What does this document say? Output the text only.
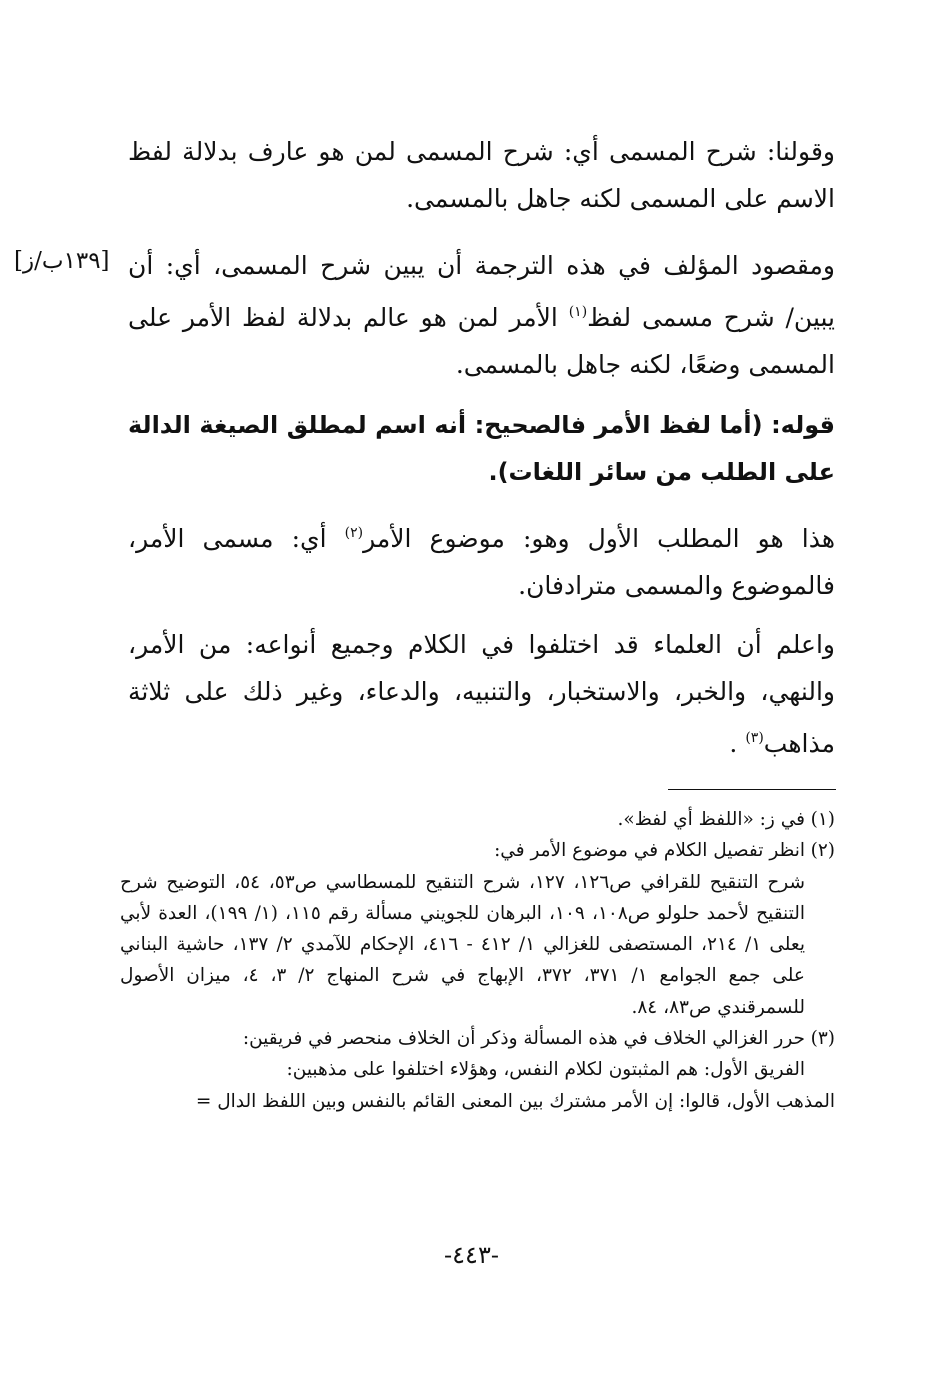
وقولنا: شرح المسمى أي: شرح المسمى لمن هو عارف بدلالة لفظ الاسم على المسمى لكنه جاهل بالمسمى.

ومقصود المؤلف في هذه الترجمة أن يبين شرح المسمى، أي: أن يبين/ شرح مسمى لفظ$^{(١)}$ الأمر لمن هو عالم بدلالة لفظ الأمر على المسمى وضعًا، لكنه جاهل بالمسمى.

[١٣٩ب/ز]

قوله: (أما لفظ الأمر فالصحيح: أنه اسم لمطلق الصيغة الدالة على الطلب من سائر اللغات).

هذا هو المطلب الأول وهو: موضوع الأمر$^{(٢)}$ أي: مسمى الأمر، فالموضوع والمسمى مترادفان.

واعلم أن العلماء قد اختلفوا في الكلام وجميع أنواعه: من الأمر، والنهي، والخبر، والاستخبار، والتنبيه، والدعاء، وغير ذلك على ثلاثة مذاهب$^{(٣)}$ .

(١)
في ز: «اللفظ أي لفظ».

(٢)
انظر تفصيل الكلام في موضوع الأمر في:

شرح التنقيح للقرافي ص١٢٦، ١٢٧، شرح التنقيح للمسطاسي ص٥٣، ٥٤، التوضيح شرح التنقيح لأحمد حلولو ص١٠٨، ١٠٩، البرهان للجويني مسألة رقم ١١٥، (١/ ١٩٩)، العدة لأبي يعلى ١/ ٢١٤، المستصفى للغزالي ١/ ٤١٢ - ٤١٦، الإحكام للآمدي ٢/ ١٣٧، حاشية البناني على جمع الجوامع ١/ ٣٧١، ٣٧٢، الإبهاج في شرح المنهاج ٢/ ٣، ٤، ميزان الأصول للسمرقندي ص٨٣، ٨٤.

(٣)
حرر الغزالي الخلاف في هذه المسألة وذكر أن الخلاف منحصر في فريقين:

الفريق الأول: هم المثبتون لكلام النفس، وهؤلاء اختلفوا على مذهبين:

المذهب الأول، قالوا: إن الأمر مشترك بين المعنى القائم بالنفس وبين اللفظ الدال =

-٤٤٣-
